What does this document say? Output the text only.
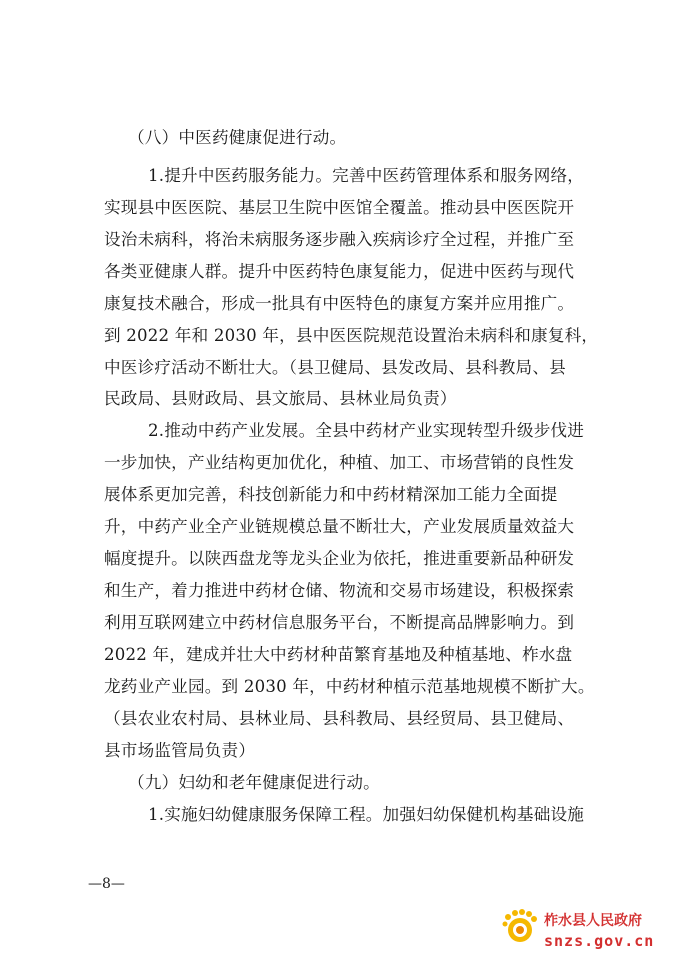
（八）中医药健康促进行动。
1.提升中医药服务能力。完善中医药管理体系和服务网络，
实现县中医医院、基层卫生院中医馆全覆盖。推动县中医医院开
设治未病科，将治未病服务逐步融入疾病诊疗全过程，并推广至
各类亚健康人群。提升中医药特色康复能力，促进中医药与现代
康复技术融合，形成一批具有中医特色的康复方案并应用推广。
到 2022 年和 2030 年，县中医医院规范设置治未病科和康复科，
中医诊疗活动不断壮大。（县卫健局、县发改局、县科教局、县
民政局、县财政局、县文旅局、县林业局负责）
2.推动中药产业发展。全县中药材产业实现转型升级步伐进
一步加快，产业结构更加优化，种植、加工、市场营销的良性发
展体系更加完善，科技创新能力和中药材精深加工能力全面提
升，中药产业全产业链规模总量不断壮大，产业发展质量效益大
幅度提升。以陕西盘龙等龙头企业为依托，推进重要新品种研发
和生产，着力推进中药材仓储、物流和交易市场建设，积极探索
利用互联网建立中药材信息服务平台，不断提高品牌影响力。到
2022 年，建成并壮大中药材种苗繁育基地及种植基地、柞水盘
龙药业产业园。到 2030 年，中药材种植示范基地规模不断扩大。
（县农业农村局、县林业局、县科教局、县经贸局、县卫健局、
县市场监管局负责）
（九）妇幼和老年健康促进行动。
1.实施妇幼健康服务保障工程。加强妇幼保健机构基础设施
—8—
柞水县人民政府
snzs.gov.cn
